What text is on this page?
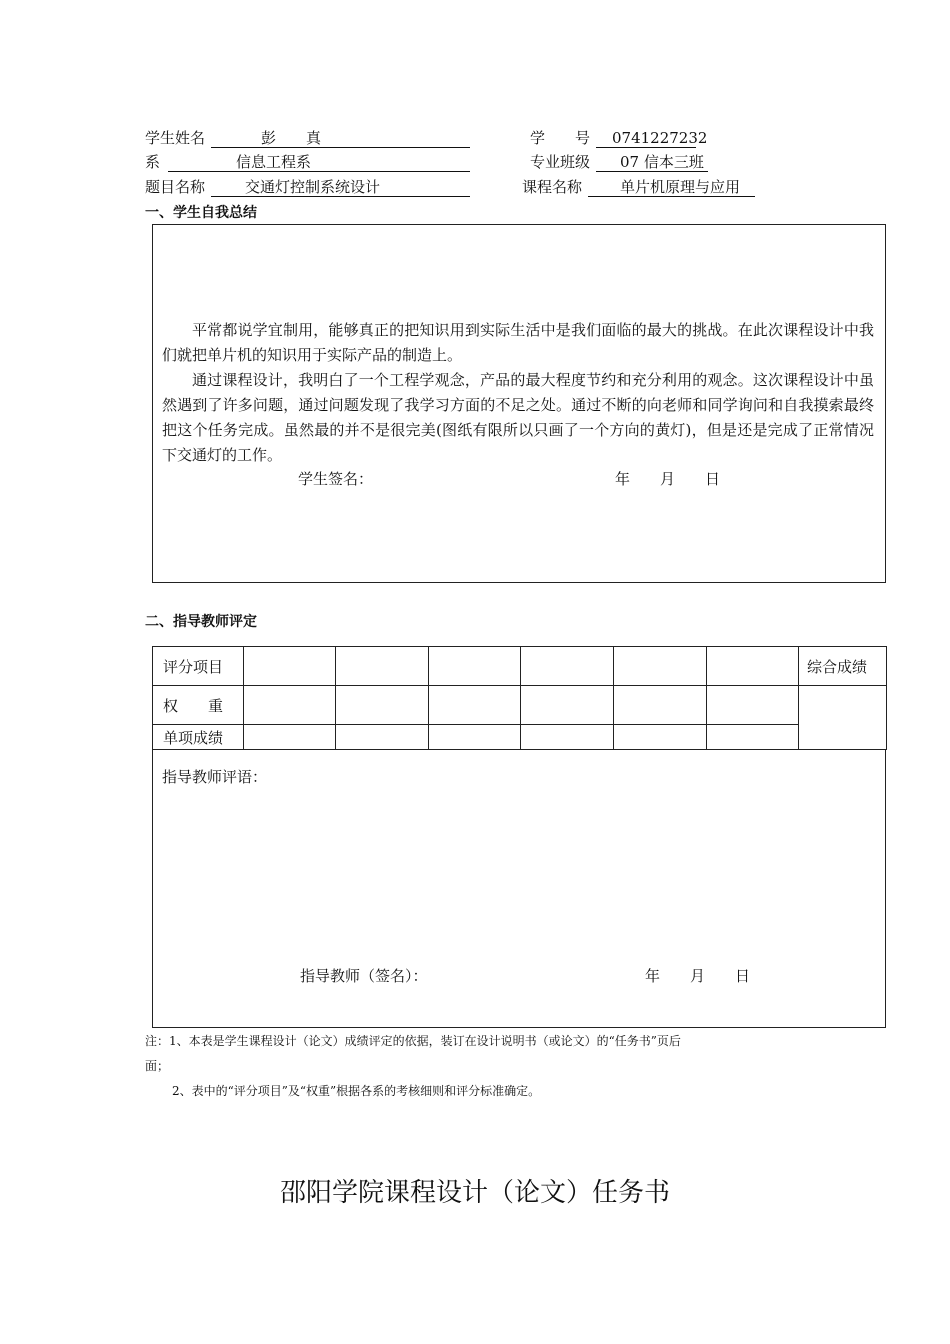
学生姓名	彭　　真	学　　号	0741227232
系	信息工程系	专业班级	07 信本三班
题目名称	交通灯控制系统设计	课程名称	单片机原理与应用
一、学生自我总结

平常都说学宜制用，能够真正的把知识用到实际生活中是我们面临的最大的挑战。在此次课程设计中我们就把单片机的知识用于实际产品的制造上。

通过课程设计，我明白了一个工程学观念，产品的最大程度节约和充分利用的观念。这次课程设计中虽然遇到了许多问题，通过问题发现了我学习方面的不足之处。通过不断的向老师和同学询问和自我摸索最终把这个任务完成。虽然最的并不是很完美(图纸有限所以只画了一个方向的黄灯)，但是还是完成了正常情况下交通灯的工作。

学生签名：	年　　月　　日
二、指导教师评定
评分项目							综合成绩
权　　重							
单项成绩							
指导教师评语：
指导教师（签名）：	年　　月　　日
注：1、本表是学生课程设计（论文）成绩评定的依据，装订在设计说明书（或论文）的“任务书”页后
面；
2、表中的“评分项目”及“权重”根据各系的考核细则和评分标准确定。
邵阳学院课程设计（论文）任务书
